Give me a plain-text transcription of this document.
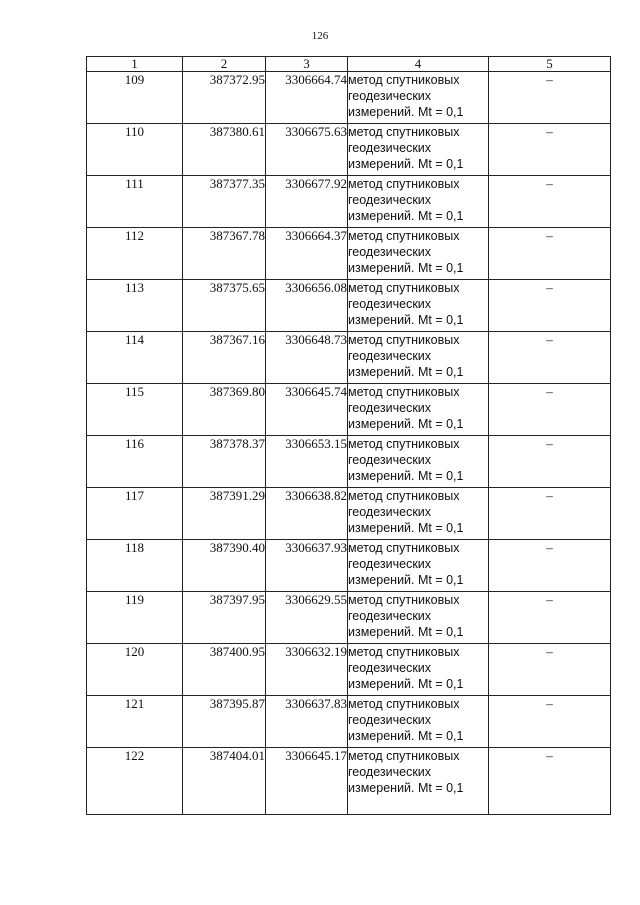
126
1	2	3	4	5
109	387372.95	3306664.74	метод спутниковых
геодезических
измерений. Mt = 0,1	–
110	387380.61	3306675.63	метод спутниковых
геодезических
измерений. Mt = 0,1	–
111	387377.35	3306677.92	метод спутниковых
геодезических
измерений. Mt = 0,1	–
112	387367.78	3306664.37	метод спутниковых
геодезических
измерений. Mt = 0,1	–
113	387375.65	3306656.08	метод спутниковых
геодезических
измерений. Mt = 0,1	–
114	387367.16	3306648.73	метод спутниковых
геодезических
измерений. Mt = 0,1	–
115	387369.80	3306645.74	метод спутниковых
геодезических
измерений. Mt = 0,1	–
116	387378.37	3306653.15	метод спутниковых
геодезических
измерений. Mt = 0,1	–
117	387391.29	3306638.82	метод спутниковых
геодезических
измерений. Mt = 0,1	–
118	387390.40	3306637.93	метод спутниковых
геодезических
измерений. Mt = 0,1	–
119	387397.95	3306629.55	метод спутниковых
геодезических
измерений. Mt = 0,1	–
120	387400.95	3306632.19	метод спутниковых
геодезических
измерений. Mt = 0,1	–
121	387395.87	3306637.83	метод спутниковых
геодезических
измерений. Mt = 0,1	–
122	387404.01	3306645.17	метод спутниковых
геодезических
измерений. Mt = 0,1	–
